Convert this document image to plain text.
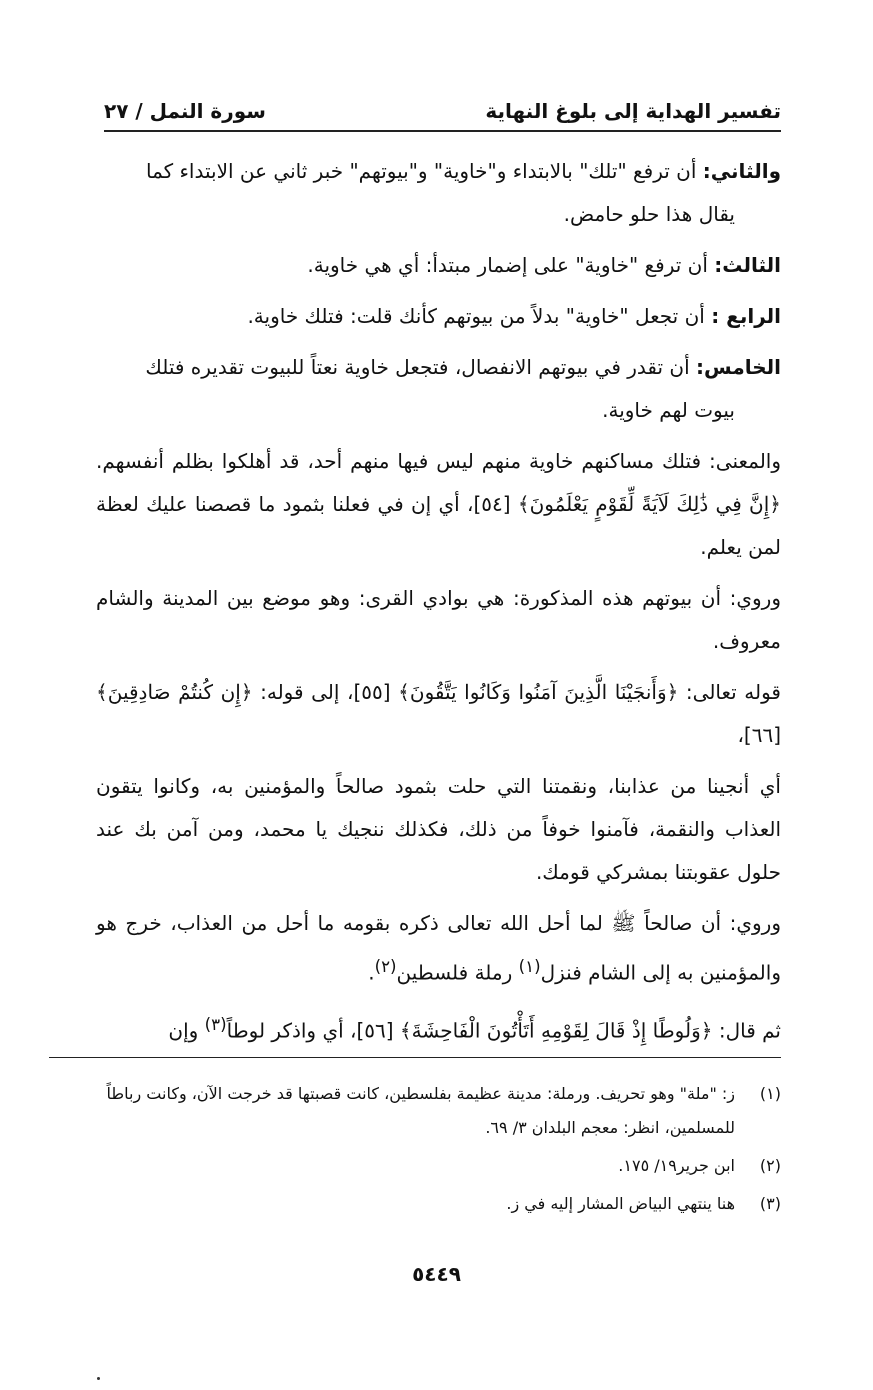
تفسير الهداية إلى بلوغ النهاية
سورة النمل / ٢٧

والثاني: أن ترفع "تلك" بالابتداء و"خاوية" و"بيوتهم" خبر ثاني عن الابتداء كما
يقال هذا حلو حامض.

الثالث: أن ترفع "خاوية" على إضمار مبتدأ: أي هي خاوية.

الرابع : أن تجعل "خاوية" بدلاً من بيوتهم كأنك قلت: فتلك خاوية.

الخامس: أن تقدر في بيوتهم الانفصال، فتجعل خاوية نعتاً للبيوت تقديره فتلك
بيوت لهم خاوية.

والمعنى: فتلك مساكنهم خاوية منهم ليس فيها منهم أحد، قد أهلكوا بظلم أنفسهم. ﴿إِنَّ فِي ذَٰلِكَ لَآيَةً لِّقَوْمٍ يَعْلَمُونَ﴾ [٥٤]، أي إن في فعلنا بثمود ما قصصنا عليك لعظة لمن يعلم.

وروي: أن بيوتهم هذه المذكورة: هي بوادي القرى: وهو موضع بين المدينة والشام معروف.

قوله تعالى: ﴿وَأَنجَيْنَا الَّذِينَ آمَنُوا وَكَانُوا يَتَّقُونَ﴾ [٥٥]، إلى قوله: ﴿إِن كُنتُمْ صَادِقِينَ﴾ [٦٦]،

أي أنجينا من عذابنا، ونقمتنا التي حلت بثمود صالحاً والمؤمنين به، وكانوا يتقون العذاب والنقمة، فآمنوا خوفاً من ذلك، فكذلك ننجيك يا محمد، ومن آمن بك عند حلول عقوبتنا بمشركي قومك.

وروي: أن صالحاً ﷺ لما أحل الله تعالى ذكره بقومه ما أحل من العذاب، خرج هو والمؤمنين به إلى الشام فنزل$^{(١)}$ رملة فلسطين$^{(٢)}$.

ثم قال: ﴿وَلُوطًا إِذْ قَالَ لِقَوْمِهِ أَتَأْتُونَ الْفَاحِشَةَ﴾ [٥٦]، أي واذكر لوطاً$^{(٣)}$ وإن

(١)
ز: "ملة" وهو تحريف. ورملة: مدينة عظيمة بفلسطين، كانت قصبتها قد خرجت الآن، وكانت رباطاً للمسلمين، انظر: معجم البلدان ٣/ ٦٩.
(٢)
ابن جرير١٩/ ١٧٥.
(٣)
هنا ينتهي البياض المشار إليه في ز.
٥٤٤٩
